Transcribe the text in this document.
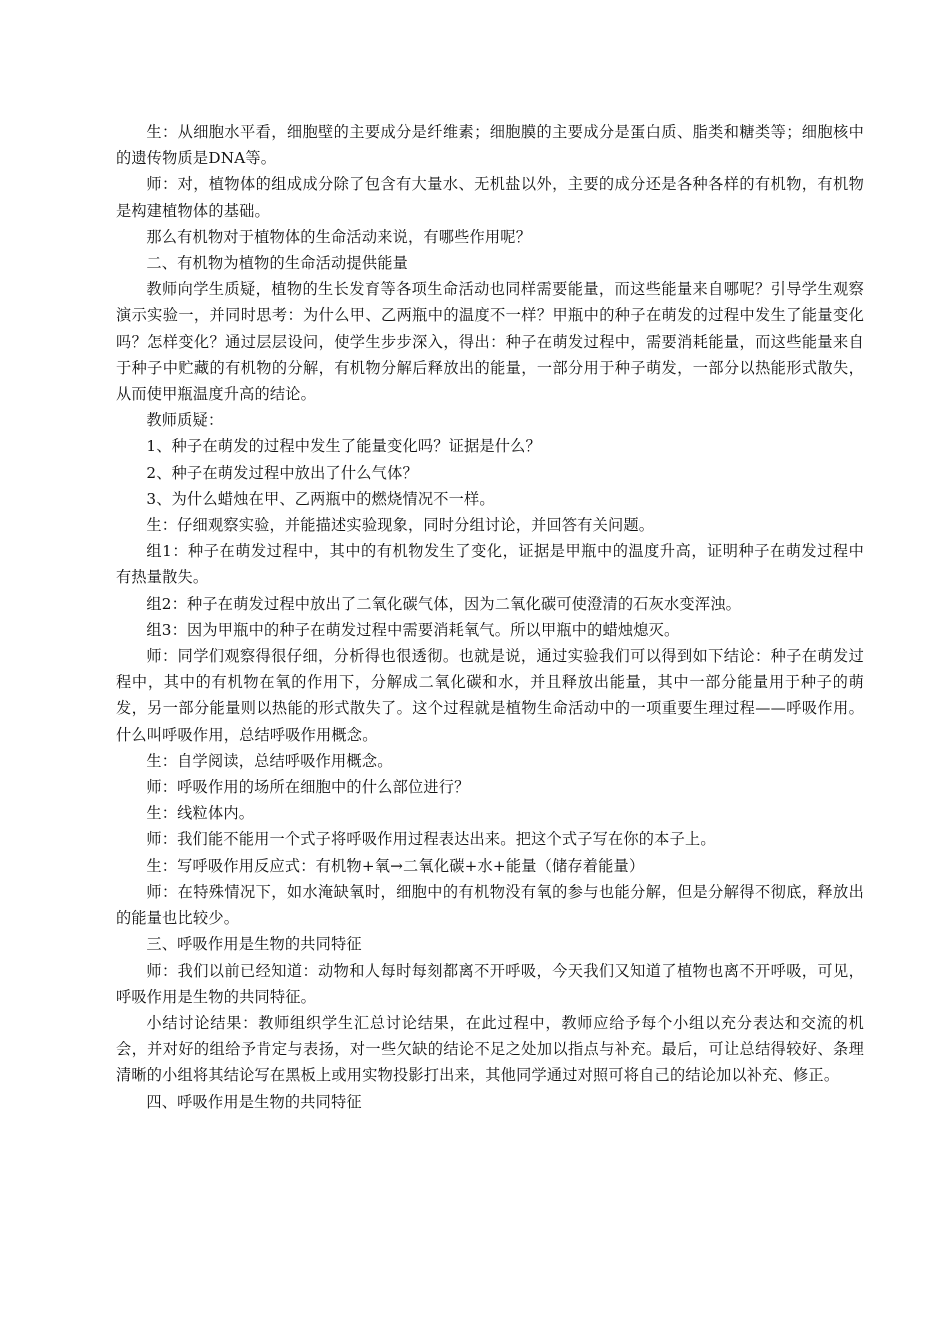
生：从细胞水平看，细胞壁的主要成分是纤维素；细胞膜的主要成分是蛋白质、脂类和糖类等；细胞核中的遗传物质是DNA等。

师：对，植物体的组成成分除了包含有大量水、无机盐以外，主要的成分还是各种各样的有机物，有机物是构建植物体的基础。

那么有机物对于植物体的生命活动来说，有哪些作用呢？

二、有机物为植物的生命活动提供能量

教师向学生质疑，植物的生长发育等各项生命活动也同样需要能量，而这些能量来自哪呢？引导学生观察演示实验一，并同时思考：为什么甲、乙两瓶中的温度不一样？甲瓶中的种子在萌发的过程中发生了能量变化吗？怎样变化？通过层层设问，使学生步步深入，得出：种子在萌发过程中，需要消耗能量，而这些能量来自于种子中贮藏的有机物的分解，有机物分解后释放出的能量，一部分用于种子萌发，一部分以热能形式散失，从而使甲瓶温度升高的结论。

教师质疑：

1、种子在萌发的过程中发生了能量变化吗？证据是什么？

2、种子在萌发过程中放出了什么气体？

3、为什么蜡烛在甲、乙两瓶中的燃烧情况不一样。

生：仔细观察实验，并能描述实验现象，同时分组讨论，并回答有关问题。

组1：种子在萌发过程中，其中的有机物发生了变化，证据是甲瓶中的温度升高，证明种子在萌发过程中有热量散失。

组2：种子在萌发过程中放出了二氧化碳气体，因为二氧化碳可使澄清的石灰水变浑浊。

组3：因为甲瓶中的种子在萌发过程中需要消耗氧气。所以甲瓶中的蜡烛熄灭。

师：同学们观察得很仔细，分析得也很透彻。也就是说，通过实验我们可以得到如下结论：种子在萌发过程中，其中的有机物在氧的作用下，分解成二氧化碳和水，并且释放出能量，其中一部分能量用于种子的萌发，另一部分能量则以热能的形式散失了。这个过程就是植物生命活动中的一项重要生理过程——呼吸作用。什么叫呼吸作用，总结呼吸作用概念。

生：自学阅读，总结呼吸作用概念。

师：呼吸作用的场所在细胞中的什么部位进行？

生：线粒体内。

师：我们能不能用一个式子将呼吸作用过程表达出来。把这个式子写在你的本子上。

生：写呼吸作用反应式：有机物+氧→二氧化碳+水+能量（储存着能量）

师：在特殊情况下，如水淹缺氧时，细胞中的有机物没有氧的参与也能分解，但是分解得不彻底，释放出的能量也比较少。

三、呼吸作用是生物的共同特征

师：我们以前已经知道：动物和人每时每刻都离不开呼吸，今天我们又知道了植物也离不开呼吸，可见，呼吸作用是生物的共同特征。

小结讨论结果：教师组织学生汇总讨论结果，在此过程中，教师应给予每个小组以充分表达和交流的机会，并对好的组给予肯定与表扬，对一些欠缺的结论不足之处加以指点与补充。最后，可让总结得较好、条理清晰的小组将其结论写在黑板上或用实物投影打出来，其他同学通过对照可将自己的结论加以补充、修正。

四、呼吸作用是生物的共同特征
